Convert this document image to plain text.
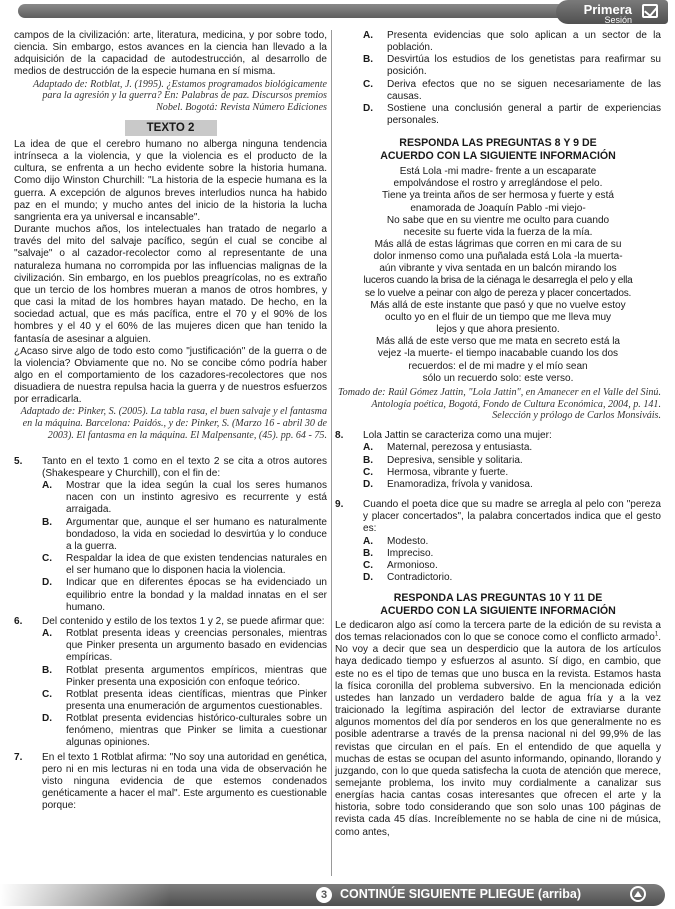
Primera
Sesión

campos de la civilización: arte, literatura, medicina, y por sobre todo, ciencia. Sin embargo, estos avances en la ciencia han llevado a la adquisición de la capacidad de autodestrucción, al desarrollo de medios de destrucción de la especie humana en sí misma.

Adaptado de: Rotblat, J. (1995). ¿Estamos programados biológicamente para la agresión y la guerra? En: Palabras de paz. Discursos premios Nobel. Bogotá: Revista Número Ediciones

TEXTO 2

La idea de que el cerebro humano no alberga ninguna tendencia intrínseca a la violencia, y que la violencia es el producto de la cultura, se enfrenta a un hecho evidente sobre la historia humana. Como dijo Winston Churchill: "La historia de la especie humana es la guerra. A excepción de algunos breves interludios nunca ha habido paz en el mundo; y mucho antes del inicio de la historia la lucha sangrienta era ya universal e incansable".

Durante muchos años, los intelectuales han tratado de negarlo a través del mito del salvaje pacífico, según el cual se concibe al "salvaje" o al cazador-recolector como al representante de una naturaleza humana no corrompida por las influencias malignas de la civilización. Sin embargo, en los pueblos preagrícolas, no es extraño que un tercio de los hombres mueran a manos de otros hombres, y que casi la mitad de los hombres hayan matado. De hecho, en la sociedad actual, que es más pacífica, entre el 70 y el 90% de los hombres y el 40 y el 60% de las mujeres dicen que han tenido la fantasía de asesinar a alguien.

¿Acaso sirve algo de todo esto como "justificación" de la guerra o de la violencia? Obviamente que no. No se concibe cómo podría haber algo en el comportamiento de los cazadores-recolectores que nos disuadiera de nuestra repulsa hacia la guerra y de nuestros esfuerzos por erradicarla.

Adaptado de: Pinker, S. (2005). La tabla rasa, el buen salvaje y el fantasma en la máquina. Barcelona: Paidós., y de: Pinker, S. (Marzo 16 - abril 30 de 2003). El fantasma en la máquina. El Malpensante, (45). pp. 64 - 75.

5. Tanto en el texto 1 como en el texto 2 se cita a otros autores (Shakespeare y Churchill), con el fin de:

A. Mostrar que la idea según la cual los seres humanos nacen con un instinto agresivo es recurrente y está arraigada.

B. Argumentar que, aunque el ser humano es naturalmente bondadoso, la vida en sociedad lo desvirtúa y lo conduce a la guerra.

C. Respaldar la idea de que existen tendencias naturales en el ser humano que lo disponen hacia la violencia.

D. Indicar que en diferentes épocas se ha evidenciado un equilibrio entre la bondad y la maldad innatas en el ser humano.

6. Del contenido y estilo de los textos 1 y 2, se puede afirmar que:

A. Rotblat presenta ideas y creencias personales, mientras que Pinker presenta un argumento basado en evidencias empíricas.

B. Rotblat presenta argumentos empíricos, mientras que Pinker presenta una exposición con enfoque teórico.

C. Rotblat presenta ideas científicas, mientras que Pinker presenta una enumeración de argumentos cuestionables.

D. Rotblat presenta evidencias histórico-culturales sobre un fenómeno, mientras que Pinker se limita a cuestionar algunas opiniones.

7. En el texto 1 Rotblat afirma: "No soy una autoridad en genética, pero ni en mis lecturas ni en toda una vida de observación he visto ninguna evidencia de que estemos condenados genéticamente a hacer el mal". Este argumento es cuestionable porque:

A. Presenta evidencias que solo aplican a un sector de la población.

B. Desvirtúa los estudios de los genetistas para reafirmar su posición.

C. Deriva efectos que no se siguen necesariamente de las causas.

D. Sostiene una conclusión general a partir de experiencias personales.

RESPONDA LAS PREGUNTAS 8 Y 9 DE

ACUERDO CON LA SIGUIENTE INFORMACIÓN

Está Lola -mi madre- frente a un escaparate

empolvándose el rostro y arreglándose el pelo.

Tiene ya treinta años de ser hermosa y fuerte y está

enamorada de Joaquín Pablo -mi viejo-

No sabe que en su vientre me oculto para cuando

necesite su fuerte vida la fuerza de la mía.

Más allá de estas lágrimas que corren en mi cara de su

dolor inmenso como una puñalada está Lola -la muerta-

aún vibrante y viva sentada en un balcón mirando los

luceros cuando la brisa de la ciénaga le desarregla el pelo y ella

se lo vuelve a peinar con algo de pereza y placer concertados.

Más allá de este instante que pasó y que no vuelve estoy

oculto yo en el fluir de un tiempo que me lleva muy

lejos y que ahora presiento.

Más allá de este verso que me mata en secreto está la

vejez -la muerte- el tiempo inacabable cuando los dos

recuerdos: el de mi madre y el mío sean

sólo un recuerdo solo: este verso.

Tomado de: Raúl Gómez Jattin, "Lola Jattin", en Amanecer en el Valle del Sinú. Antología poética, Bogotá, Fondo de Cultura Económica, 2004, p. 141. Selección y prólogo de Carlos Monsiváis.

8. Lola Jattin se caracteriza como una mujer:

A. Maternal, perezosa y entusiasta.

B. Depresiva, sensible y solitaria.

C. Hermosa, vibrante y fuerte.

D. Enamoradiza, frívola y vanidosa.

9. Cuando el poeta dice que su madre se arregla al pelo con "pereza y placer concertados", la palabra concertados indica que el gesto es:

A. Modesto.

B. Impreciso.

C. Armonioso.

D. Contradictorio.

RESPONDA LAS PREGUNTAS 10 Y 11 DE

ACUERDO CON LA SIGUIENTE INFORMACIÓN

Le dedicaron algo así como la tercera parte de la edición de su revista a dos temas relacionados con lo que se conoce como el conflicto armado$^1$. No voy a decir que sea un desperdicio que la autora de los artículos haya dedicado tiempo y esfuerzos al asunto. Sí digo, en cambio, que este no es el tipo de temas que uno busca en la revista. Estamos hasta la física coronilla del problema subversivo. En la mencionada edición ustedes han lanzado un verdadero balde de agua fría y a la vez traicionado la legítima aspiración del lector de extraviarse durante algunos momentos del día por senderos en los que generalmente no es posible adentrarse a través de la prensa nacional ni del 99,9% de las revistas que circulan en el país. En el entendido de que aquella y muchas de estas se ocupan del asunto informando, opinando, llorando y juzgando, con lo que queda satisfecha la cuota de atención que merece, semejante problema, los invito muy cordialmente a canalizar sus energías hacia cantas cosas interesantes que ofrecen el arte y la historia, sobre todo considerando que son solo unas 100 páginas de revista cada 45 días. Increíblemente no se habla de cine ni de música, como antes,

3	CONTINÚE SIGUIENTE PLIEGUE (arriba)
